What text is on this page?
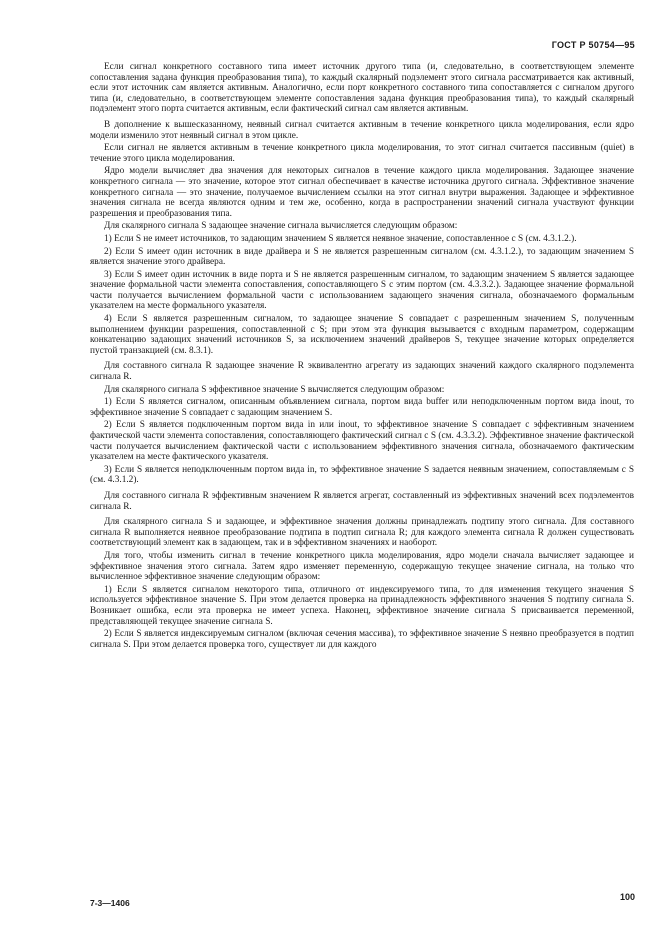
ГОСТ Р 50754—95

Если сигнал конкретного составного типа имеет источник другого типа (и, следовательно, в соответствующем элементе сопоставления задана функция преобразования типа), то каждый скалярный подэлемент этого сигнала рассматривается как активный, если этот источник сам является активным. Аналогично, если порт конкретного составного типа сопоставляется с сигналом другого типа (и, следовательно, в соответствующем элементе сопоставления задана функция преобразования типа), то каждый скалярный подэлемент этого порта считается активным, если фактический сигнал сам является активным.

В дополнение к вышесказанному, неявный сигнал считается активным в течение конкретного цикла моделирования, если ядро модели изменило этот неявный сигнал в этом цикле.

Если сигнал не является активным в течение конкретного цикла моделирования, то этот сигнал считается пассивным (quiet) в течение этого цикла моделирования.

Ядро модели вычисляет два значения для некоторых сигналов в течение каждого цикла моделирования. Задающее значение конкретного сигнала — это значение, которое этот сигнал обеспечивает в качестве источника другого сигнала. Эффективное значение конкретного сигнала — это значение, получаемое вычислением ссылки на этот сигнал внутри выражения. Задающее и эффективное значения сигнала не всегда являются одним и тем же, особенно, когда в распространении значений сигнала участвуют функции разрешения и преобразования типа.

Для скалярного сигнала S задающее значение сигнала вычисляется следующим образом:

1) Если S не имеет источников, то задающим значением S является неявное значение, сопоставленное с S (см. 4.3.1.2.).

2) Если S имеет один источник в виде драйвера и S не является разрешенным сигналом (см. 4.3.1.2.), то задающим значением S является значение этого драйвера.

3) Если S имеет один источник в виде порта и S не является разрешенным сигналом, то задающим значением S является задающее значение формальной части элемента сопоставления, сопоставляющего S с этим портом (см. 4.3.3.2.). Задающее значение формальной части получается вычислением формальной части с использованием задающего значения сигнала, обозначаемого формальным указателем на месте формального указателя.

4) Если S является разрешенным сигналом, то задающее значение S совпадает с разрешенным значением S, полученным выполнением функции разрешения, сопоставленной с S; при этом эта функция вызывается с входным параметром, содержащим конкатенацию задающих значений источников S, за исключением значений драйверов S, текущее значение которых определяется пустой транзакцией (см. 8.3.1).

Для составного сигнала R задающее значение R эквивалентно агрегату из задающих значений каждого скалярного подэлемента сигнала R.

Для скалярного сигнала S эффективное значение S вычисляется следующим образом:

1) Если S является сигналом, описанным объявлением сигнала, портом вида buffer или неподключенным портом вида inout, то эффективное значение S совпадает с задающим значением S.

2) Если S является подключенным портом вида in или inout, то эффективное значение S совпадает с эффективным значением фактической части элемента сопоставления, сопоставляющего фактический сигнал с S (см. 4.3.3.2). Эффективное значение фактической части получается вычислением фактической части с использованием эффективного значения сигнала, обозначаемого фактическим указателем на месте фактического указателя.

3) Если S является неподключенным портом вида in, то эффективное значение S задается неявным значением, сопоставляемым с S (см. 4.3.1.2).

Для составного сигнала R эффективным значением R является агрегат, составленный из эффективных значений всех подэлементов сигнала R.

Для скалярного сигнала S и задающее, и эффективное значения должны принадлежать подтипу этого сигнала. Для составного сигнала R выполняется неявное преобразование подтипа в подтип сигнала R; для каждого элемента сигнала R должен существовать соответствующий элемент как в задающем, так и в эффективном значениях и наоборот.

Для того, чтобы изменить сигнал в течение конкретного цикла моделирования, ядро модели сначала вычисляет задающее и эффективное значения этого сигнала. Затем ядро изменяет переменную, содержащую текущее значение сигнала, на только что вычисленное эффективное значение следующим образом:

1) Если S является сигналом некоторого типа, отличного от индексируемого типа, то для изменения текущего значения S используется эффективное значение S. При этом делается проверка на принадлежность эффективного значения S подтипу сигнала S. Возникает ошибка, если эта проверка не имеет успеха. Наконец, эффективное значение сигнала S присваивается переменной, представляющей текущее значение сигнала S.

2) Если S является индексируемым сигналом (включая сечения массива), то эффективное значение S неявно преобразуется в подтип сигнала S. При этом делается проверка того, существует ли для каждого

7-3—1406
100
